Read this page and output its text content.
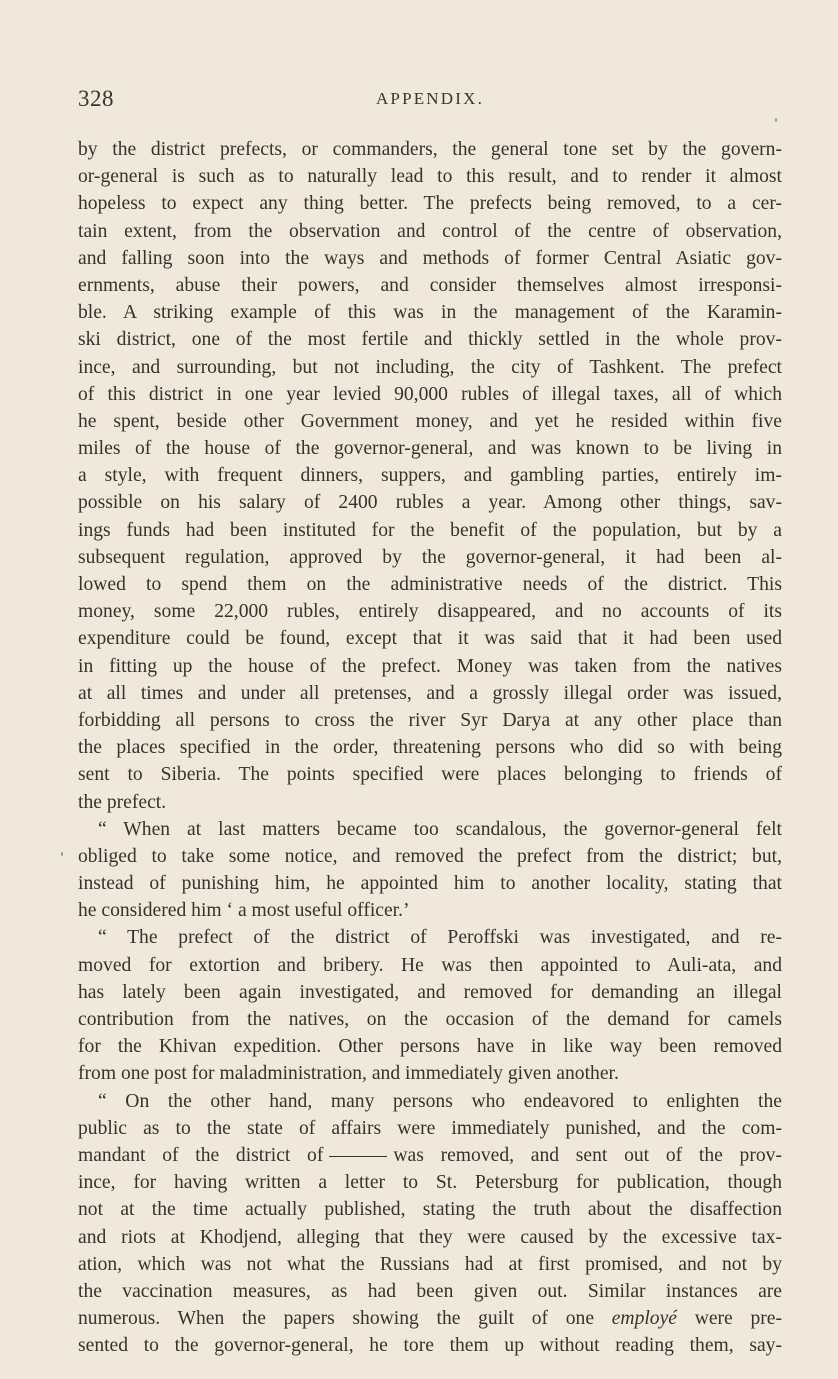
328	APPENDIX.
by the district prefects, or commanders, the general tone set by the govern-
or-general is such as to naturally lead to this result, and to render it almost
hopeless to expect any thing better. The prefects being removed, to a cer-
tain extent, from the observation and control of the centre of observation,
and falling soon into the ways and methods of former Central Asiatic gov-
ernments, abuse their powers, and consider themselves almost irresponsi-
ble. A striking example of this was in the management of the Karamin-
ski district, one of the most fertile and thickly settled in the whole prov-
ince, and surrounding, but not including, the city of Tashkent. The prefect
of this district in one year levied 90,000 rubles of illegal taxes, all of which
he spent, beside other Government money, and yet he resided within five
miles of the house of the governor-general, and was known to be living in
a style, with frequent dinners, suppers, and gambling parties, entirely im-
possible on his salary of 2400 rubles a year. Among other things, sav-
ings funds had been instituted for the benefit of the population, but by a
subsequent regulation, approved by the governor-general, it had been al-
lowed to spend them on the administrative needs of the district. This
money, some 22,000 rubles, entirely disappeared, and no accounts of its
expenditure could be found, except that it was said that it had been used
in fitting up the house of the prefect. Money was taken from the natives
at all times and under all pretenses, and a grossly illegal order was issued,
forbidding all persons to cross the river Syr Darya at any other place than
the places specified in the order, threatening persons who did so with being
sent to Siberia. The points specified were places belonging to friends of
the prefect.
“ When at last matters became too scandalous, the governor-general felt
obliged to take some notice, and removed the prefect from the district; but,
instead of punishing him, he appointed him to another locality, stating that
he considered him ‘ a most useful officer.’
“ The prefect of the district of Peroffski was investigated, and re-
moved for extortion and bribery. He was then appointed to Auli-ata, and
has lately been again investigated, and removed for demanding an illegal
contribution from the natives, on the occasion of the demand for camels
for the Khivan expedition. Other persons have in like way been removed
from one post for maladministration, and immediately given another.
“ On the other hand, many persons who endeavored to enlighten the
public as to the state of affairs were immediately punished, and the com-
mandant of the district of	was removed, and sent out of the prov-
ince, for having written a letter to St. Petersburg for publication, though
not at the time actually published, stating the truth about the disaffection
and riots at Khodjend, alleging that they were caused by the excessive tax-
ation, which was not what the Russians had at first promised, and not by
the vaccination measures, as had been given out. Similar instances are
numerous. When the papers showing the guilt of one employé were pre-
sented to the governor-general, he tore them up without reading them, say-
